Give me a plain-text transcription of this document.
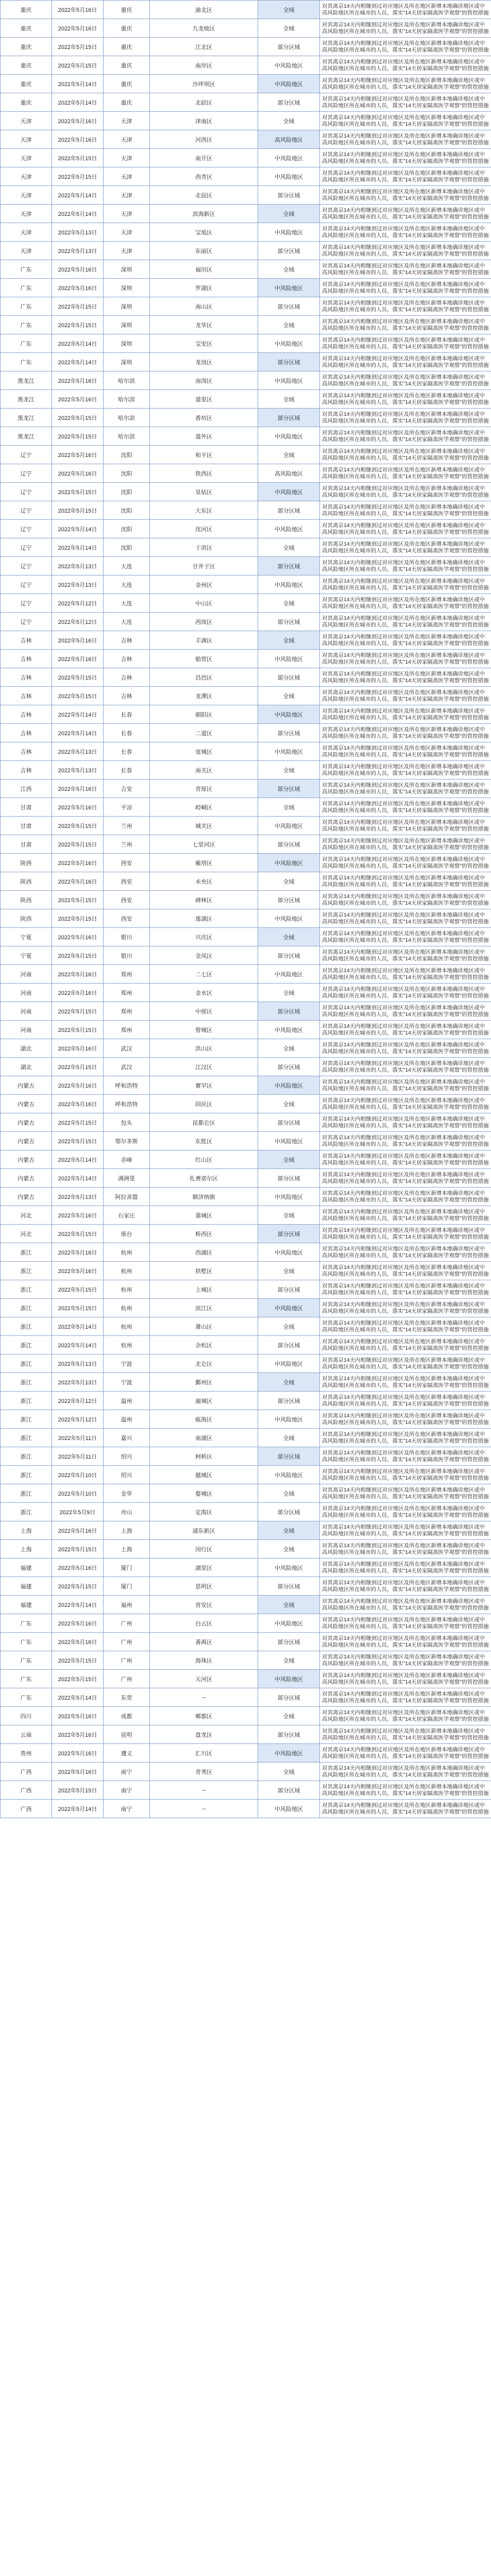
重庆	2022年5月16日	重庆	渝北区	全域	对其离京14天内相继到过对应地区及所在地区新增本地确诊地区或中高风险地区所在城市的人员，落实"14天居家隔离医学观察"的管控措施
重庆	2022年5月16日	重庆	九龙坡区	全域	对其离京14天内相继到过对应地区及所在地区新增本地确诊地区或中高风险地区所在城市的人员，落实"14天居家隔离医学观察"的管控措施
重庆	2022年5月15日	重庆	江北区	部分区域	对其离京14天内相继到过对应地区及所在地区新增本地确诊地区或中高风险地区所在城市的人员，落实"14天居家隔离医学观察"的管控措施
重庆	2022年5月15日	重庆	南岸区	中风险地区	对其离京14天内相继到过对应地区及所在地区新增本地确诊地区或中高风险地区所在城市的人员，落实"14天居家隔离医学观察"的管控措施
重庆	2022年5月14日	重庆	沙坪坝区	中风险地区	对其离京14天内相继到过对应地区及所在地区新增本地确诊地区或中高风险地区所在城市的人员，落实"14天居家隔离医学观察"的管控措施
重庆	2022年5月14日	重庆	北碚区	部分区域	对其离京14天内相继到过对应地区及所在地区新增本地确诊地区或中高风险地区所在城市的人员，落实"14天居家隔离医学观察"的管控措施
天津	2022年5月16日	天津	津南区	全域	对其离京14天内相继到过对应地区及所在地区新增本地确诊地区或中高风险地区所在城市的人员，落实"14天居家隔离医学观察"的管控措施
天津	2022年5月16日	天津	河西区	高风险地区	对其离京14天内相继到过对应地区及所在地区新增本地确诊地区或中高风险地区所在城市的人员，落实"14天居家隔离医学观察"的管控措施
天津	2022年5月15日	天津	南开区	中风险地区	对其离京14天内相继到过对应地区及所在地区新增本地确诊地区或中高风险地区所在城市的人员，落实"14天居家隔离医学观察"的管控措施
天津	2022年5月15日	天津	西青区	中风险地区	对其离京14天内相继到过对应地区及所在地区新增本地确诊地区或中高风险地区所在城市的人员，落实"14天居家隔离医学观察"的管控措施
天津	2022年5月14日	天津	北辰区	部分区域	对其离京14天内相继到过对应地区及所在地区新增本地确诊地区或中高风险地区所在城市的人员，落实"14天居家隔离医学观察"的管控措施
天津	2022年5月14日	天津	滨海新区	全域	对其离京14天内相继到过对应地区及所在地区新增本地确诊地区或中高风险地区所在城市的人员，落实"14天居家隔离医学观察"的管控措施
天津	2022年5月13日	天津	宝坻区	中风险地区	对其离京14天内相继到过对应地区及所在地区新增本地确诊地区或中高风险地区所在城市的人员，落实"14天居家隔离医学观察"的管控措施
天津	2022年5月13日	天津	东丽区	部分区域	对其离京14天内相继到过对应地区及所在地区新增本地确诊地区或中高风险地区所在城市的人员，落实"14天居家隔离医学观察"的管控措施
广东	2022年5月16日	深圳	福田区	全域	对其离京14天内相继到过对应地区及所在地区新增本地确诊地区或中高风险地区所在城市的人员，落实"14天居家隔离医学观察"的管控措施
广东	2022年5月16日	深圳	罗湖区	中风险地区	对其离京14天内相继到过对应地区及所在地区新增本地确诊地区或中高风险地区所在城市的人员，落实"14天居家隔离医学观察"的管控措施
广东	2022年5月15日	深圳	南山区	部分区域	对其离京14天内相继到过对应地区及所在地区新增本地确诊地区或中高风险地区所在城市的人员，落实"14天居家隔离医学观察"的管控措施
广东	2022年5月15日	深圳	龙华区	全域	对其离京14天内相继到过对应地区及所在地区新增本地确诊地区或中高风险地区所在城市的人员，落实"14天居家隔离医学观察"的管控措施
广东	2022年5月14日	深圳	宝安区	中风险地区	对其离京14天内相继到过对应地区及所在地区新增本地确诊地区或中高风险地区所在城市的人员，落实"14天居家隔离医学观察"的管控措施
广东	2022年5月14日	深圳	龙岗区	部分区域	对其离京14天内相继到过对应地区及所在地区新增本地确诊地区或中高风险地区所在城市的人员，落实"14天居家隔离医学观察"的管控措施
黑龙江	2022年5月16日	哈尔滨	南岗区	中风险地区	对其离京14天内相继到过对应地区及所在地区新增本地确诊地区或中高风险地区所在城市的人员，落实"14天居家隔离医学观察"的管控措施
黑龙江	2022年5月16日	哈尔滨	道里区	全域	对其离京14天内相继到过对应地区及所在地区新增本地确诊地区或中高风险地区所在城市的人员，落实"14天居家隔离医学观察"的管控措施
黑龙江	2022年5月15日	哈尔滨	香坊区	部分区域	对其离京14天内相继到过对应地区及所在地区新增本地确诊地区或中高风险地区所在城市的人员，落实"14天居家隔离医学观察"的管控措施
黑龙江	2022年5月15日	哈尔滨	道外区	中风险地区	对其离京14天内相继到过对应地区及所在地区新增本地确诊地区或中高风险地区所在城市的人员，落实"14天居家隔离医学观察"的管控措施
辽宁	2022年5月16日	沈阳	和平区	全域	对其离京14天内相继到过对应地区及所在地区新增本地确诊地区或中高风险地区所在城市的人员，落实"14天居家隔离医学观察"的管控措施
辽宁	2022年5月16日	沈阳	铁西区	高风险地区	对其离京14天内相继到过对应地区及所在地区新增本地确诊地区或中高风险地区所在城市的人员，落实"14天居家隔离医学观察"的管控措施
辽宁	2022年5月15日	沈阳	皇姑区	中风险地区	对其离京14天内相继到过对应地区及所在地区新增本地确诊地区或中高风险地区所在城市的人员，落实"14天居家隔离医学观察"的管控措施
辽宁	2022年5月15日	沈阳	大东区	部分区域	对其离京14天内相继到过对应地区及所在地区新增本地确诊地区或中高风险地区所在城市的人员，落实"14天居家隔离医学观察"的管控措施
辽宁	2022年5月14日	沈阳	沈河区	中风险地区	对其离京14天内相继到过对应地区及所在地区新增本地确诊地区或中高风险地区所在城市的人员，落实"14天居家隔离医学观察"的管控措施
辽宁	2022年5月14日	沈阳	于洪区	全域	对其离京14天内相继到过对应地区及所在地区新增本地确诊地区或中高风险地区所在城市的人员，落实"14天居家隔离医学观察"的管控措施
辽宁	2022年5月13日	大连	甘井子区	部分区域	对其离京14天内相继到过对应地区及所在地区新增本地确诊地区或中高风险地区所在城市的人员，落实"14天居家隔离医学观察"的管控措施
辽宁	2022年5月13日	大连	金州区	中风险地区	对其离京14天内相继到过对应地区及所在地区新增本地确诊地区或中高风险地区所在城市的人员，落实"14天居家隔离医学观察"的管控措施
辽宁	2022年5月12日	大连	中山区	全域	对其离京14天内相继到过对应地区及所在地区新增本地确诊地区或中高风险地区所在城市的人员，落实"14天居家隔离医学观察"的管控措施
辽宁	2022年5月12日	大连	西岗区	部分区域	对其离京14天内相继到过对应地区及所在地区新增本地确诊地区或中高风险地区所在城市的人员，落实"14天居家隔离医学观察"的管控措施
吉林	2022年5月16日	吉林	丰满区	全域	对其离京14天内相继到过对应地区及所在地区新增本地确诊地区或中高风险地区所在城市的人员，落实"14天居家隔离医学观察"的管控措施
吉林	2022年5月16日	吉林	船营区	中风险地区	对其离京14天内相继到过对应地区及所在地区新增本地确诊地区或中高风险地区所在城市的人员，落实"14天居家隔离医学观察"的管控措施
吉林	2022年5月15日	吉林	昌邑区	部分区域	对其离京14天内相继到过对应地区及所在地区新增本地确诊地区或中高风险地区所在城市的人员，落实"14天居家隔离医学观察"的管控措施
吉林	2022年5月15日	吉林	龙潭区	全域	对其离京14天内相继到过对应地区及所在地区新增本地确诊地区或中高风险地区所在城市的人员，落实"14天居家隔离医学观察"的管控措施
吉林	2022年5月14日	长春	朝阳区	中风险地区	对其离京14天内相继到过对应地区及所在地区新增本地确诊地区或中高风险地区所在城市的人员，落实"14天居家隔离医学观察"的管控措施
吉林	2022年5月14日	长春	二道区	部分区域	对其离京14天内相继到过对应地区及所在地区新增本地确诊地区或中高风险地区所在城市的人员，落实"14天居家隔离医学观察"的管控措施
吉林	2022年5月13日	长春	宽城区	中风险地区	对其离京14天内相继到过对应地区及所在地区新增本地确诊地区或中高风险地区所在城市的人员，落实"14天居家隔离医学观察"的管控措施
吉林	2022年5月13日	长春	南关区	全域	对其离京14天内相继到过对应地区及所在地区新增本地确诊地区或中高风险地区所在城市的人员，落实"14天居家隔离医学观察"的管控措施
江西	2022年5月16日	吉安	青原区	部分区域	对其离京14天内相继到过对应地区及所在地区新增本地确诊地区或中高风险地区所在城市的人员，落实"14天居家隔离医学观察"的管控措施
甘肃	2022年5月16日	平凉	崆峒区	全域	对其离京14天内相继到过对应地区及所在地区新增本地确诊地区或中高风险地区所在城市的人员，落实"14天居家隔离医学观察"的管控措施
甘肃	2022年5月15日	兰州	城关区	中风险地区	对其离京14天内相继到过对应地区及所在地区新增本地确诊地区或中高风险地区所在城市的人员，落实"14天居家隔离医学观察"的管控措施
甘肃	2022年5月15日	兰州	七里河区	部分区域	对其离京14天内相继到过对应地区及所在地区新增本地确诊地区或中高风险地区所在城市的人员，落实"14天居家隔离医学观察"的管控措施
陕西	2022年5月16日	西安	雁塔区	中风险地区	对其离京14天内相继到过对应地区及所在地区新增本地确诊地区或中高风险地区所在城市的人员，落实"14天居家隔离医学观察"的管控措施
陕西	2022年5月16日	西安	未央区	全域	对其离京14天内相继到过对应地区及所在地区新增本地确诊地区或中高风险地区所在城市的人员，落实"14天居家隔离医学观察"的管控措施
陕西	2022年5月15日	西安	碑林区	部分区域	对其离京14天内相继到过对应地区及所在地区新增本地确诊地区或中高风险地区所在城市的人员，落实"14天居家隔离医学观察"的管控措施
陕西	2022年5月15日	西安	莲湖区	中风险地区	对其离京14天内相继到过对应地区及所在地区新增本地确诊地区或中高风险地区所在城市的人员，落实"14天居家隔离医学观察"的管控措施
宁夏	2022年5月16日	银川	兴庆区	全域	对其离京14天内相继到过对应地区及所在地区新增本地确诊地区或中高风险地区所在城市的人员，落实"14天居家隔离医学观察"的管控措施
宁夏	2022年5月15日	银川	金凤区	部分区域	对其离京14天内相继到过对应地区及所在地区新增本地确诊地区或中高风险地区所在城市的人员，落实"14天居家隔离医学观察"的管控措施
河南	2022年5月16日	郑州	二七区	中风险地区	对其离京14天内相继到过对应地区及所在地区新增本地确诊地区或中高风险地区所在城市的人员，落实"14天居家隔离医学观察"的管控措施
河南	2022年5月16日	郑州	金水区	全域	对其离京14天内相继到过对应地区及所在地区新增本地确诊地区或中高风险地区所在城市的人员，落实"14天居家隔离医学观察"的管控措施
河南	2022年5月15日	郑州	中原区	部分区域	对其离京14天内相继到过对应地区及所在地区新增本地确诊地区或中高风险地区所在城市的人员，落实"14天居家隔离医学观察"的管控措施
河南	2022年5月15日	郑州	管城区	中风险地区	对其离京14天内相继到过对应地区及所在地区新增本地确诊地区或中高风险地区所在城市的人员，落实"14天居家隔离医学观察"的管控措施
湖北	2022年5月16日	武汉	洪山区	全域	对其离京14天内相继到过对应地区及所在地区新增本地确诊地区或中高风险地区所在城市的人员，落实"14天居家隔离医学观察"的管控措施
湖北	2022年5月15日	武汉	江汉区	部分区域	对其离京14天内相继到过对应地区及所在地区新增本地确诊地区或中高风险地区所在城市的人员，落实"14天居家隔离医学观察"的管控措施
内蒙古	2022年5月16日	呼和浩特	赛罕区	中风险地区	对其离京14天内相继到过对应地区及所在地区新增本地确诊地区或中高风险地区所在城市的人员，落实"14天居家隔离医学观察"的管控措施
内蒙古	2022年5月16日	呼和浩特	回民区	全域	对其离京14天内相继到过对应地区及所在地区新增本地确诊地区或中高风险地区所在城市的人员，落实"14天居家隔离医学观察"的管控措施
内蒙古	2022年5月15日	包头	昆都仑区	部分区域	对其离京14天内相继到过对应地区及所在地区新增本地确诊地区或中高风险地区所在城市的人员，落实"14天居家隔离医学观察"的管控措施
内蒙古	2022年5月15日	鄂尔多斯	东胜区	中风险地区	对其离京14天内相继到过对应地区及所在地区新增本地确诊地区或中高风险地区所在城市的人员，落实"14天居家隔离医学观察"的管控措施
内蒙古	2022年5月14日	赤峰	红山区	全域	对其离京14天内相继到过对应地区及所在地区新增本地确诊地区或中高风险地区所在城市的人员，落实"14天居家隔离医学观察"的管控措施
内蒙古	2022年5月14日	满洲里	扎赉诺尔区	部分区域	对其离京14天内相继到过对应地区及所在地区新增本地确诊地区或中高风险地区所在城市的人员，落实"14天居家隔离医学观察"的管控措施
内蒙古	2022年5月13日	阿拉善盟	额济纳旗	中风险地区	对其离京14天内相继到过对应地区及所在地区新增本地确诊地区或中高风险地区所在城市的人员，落实"14天居家隔离医学观察"的管控措施
河北	2022年5月16日	石家庄	藁城区	全域	对其离京14天内相继到过对应地区及所在地区新增本地确诊地区或中高风险地区所在城市的人员，落实"14天居家隔离医学观察"的管控措施
河北	2022年5月15日	邢台	桥西区	部分区域	对其离京14天内相继到过对应地区及所在地区新增本地确诊地区或中高风险地区所在城市的人员，落实"14天居家隔离医学观察"的管控措施
浙江	2022年5月16日	杭州	西湖区	中风险地区	对其离京14天内相继到过对应地区及所在地区新增本地确诊地区或中高风险地区所在城市的人员，落实"14天居家隔离医学观察"的管控措施
浙江	2022年5月16日	杭州	拱墅区	全域	对其离京14天内相继到过对应地区及所在地区新增本地确诊地区或中高风险地区所在城市的人员，落实"14天居家隔离医学观察"的管控措施
浙江	2022年5月15日	杭州	上城区	部分区域	对其离京14天内相继到过对应地区及所在地区新增本地确诊地区或中高风险地区所在城市的人员，落实"14天居家隔离医学观察"的管控措施
浙江	2022年5月15日	杭州	滨江区	中风险地区	对其离京14天内相继到过对应地区及所在地区新增本地确诊地区或中高风险地区所在城市的人员，落实"14天居家隔离医学观察"的管控措施
浙江	2022年5月14日	杭州	萧山区	全域	对其离京14天内相继到过对应地区及所在地区新增本地确诊地区或中高风险地区所在城市的人员，落实"14天居家隔离医学观察"的管控措施
浙江	2022年5月14日	杭州	余杭区	部分区域	对其离京14天内相继到过对应地区及所在地区新增本地确诊地区或中高风险地区所在城市的人员，落实"14天居家隔离医学观察"的管控措施
浙江	2022年5月13日	宁波	北仑区	中风险地区	对其离京14天内相继到过对应地区及所在地区新增本地确诊地区或中高风险地区所在城市的人员，落实"14天居家隔离医学观察"的管控措施
浙江	2022年5月13日	宁波	鄞州区	全域	对其离京14天内相继到过对应地区及所在地区新增本地确诊地区或中高风险地区所在城市的人员，落实"14天居家隔离医学观察"的管控措施
浙江	2022年5月12日	温州	鹿城区	部分区域	对其离京14天内相继到过对应地区及所在地区新增本地确诊地区或中高风险地区所在城市的人员，落实"14天居家隔离医学观察"的管控措施
浙江	2022年5月12日	温州	瓯海区	中风险地区	对其离京14天内相继到过对应地区及所在地区新增本地确诊地区或中高风险地区所在城市的人员，落实"14天居家隔离医学观察"的管控措施
浙江	2022年5月11日	嘉兴	南湖区	全域	对其离京14天内相继到过对应地区及所在地区新增本地确诊地区或中高风险地区所在城市的人员，落实"14天居家隔离医学观察"的管控措施
浙江	2022年5月11日	绍兴	柯桥区	部分区域	对其离京14天内相继到过对应地区及所在地区新增本地确诊地区或中高风险地区所在城市的人员，落实"14天居家隔离医学观察"的管控措施
浙江	2022年5月10日	绍兴	越城区	中风险地区	对其离京14天内相继到过对应地区及所在地区新增本地确诊地区或中高风险地区所在城市的人员，落实"14天居家隔离医学观察"的管控措施
浙江	2022年5月10日	金华	婺城区	全域	对其离京14天内相继到过对应地区及所在地区新增本地确诊地区或中高风险地区所在城市的人员，落实"14天居家隔离医学观察"的管控措施
浙江	2022年5月9日	舟山	定海区	部分区域	对其离京14天内相继到过对应地区及所在地区新增本地确诊地区或中高风险地区所在城市的人员，落实"14天居家隔离医学观察"的管控措施
上海	2022年5月16日	上海	浦东新区	全域	对其离京14天内相继到过对应地区及所在地区新增本地确诊地区或中高风险地区所在城市的人员，落实"14天居家隔离医学观察"的管控措施
上海	2022年5月15日	上海	闵行区	全域	对其离京14天内相继到过对应地区及所在地区新增本地确诊地区或中高风险地区所在城市的人员，落实"14天居家隔离医学观察"的管控措施
福建	2022年5月16日	厦门	湖里区	中风险地区	对其离京14天内相继到过对应地区及所在地区新增本地确诊地区或中高风险地区所在城市的人员，落实"14天居家隔离医学观察"的管控措施
福建	2022年5月15日	厦门	思明区	部分区域	对其离京14天内相继到过对应地区及所在地区新增本地确诊地区或中高风险地区所在城市的人员，落实"14天居家隔离医学观察"的管控措施
福建	2022年5月14日	福州	晋安区	全域	对其离京14天内相继到过对应地区及所在地区新增本地确诊地区或中高风险地区所在城市的人员，落实"14天居家隔离医学观察"的管控措施
广东	2022年5月16日	广州	白云区	中风险地区	对其离京14天内相继到过对应地区及所在地区新增本地确诊地区或中高风险地区所在城市的人员，落实"14天居家隔离医学观察"的管控措施
广东	2022年5月16日	广州	番禺区	部分区域	对其离京14天内相继到过对应地区及所在地区新增本地确诊地区或中高风险地区所在城市的人员，落实"14天居家隔离医学观察"的管控措施
广东	2022年5月15日	广州	海珠区	全域	对其离京14天内相继到过对应地区及所在地区新增本地确诊地区或中高风险地区所在城市的人员，落实"14天居家隔离医学观察"的管控措施
广东	2022年5月15日	广州	天河区	中风险地区	对其离京14天内相继到过对应地区及所在地区新增本地确诊地区或中高风险地区所在城市的人员，落实"14天居家隔离医学观察"的管控措施
广东	2022年5月14日	东莞	--	部分区域	对其离京14天内相继到过对应地区及所在地区新增本地确诊地区或中高风险地区所在城市的人员，落实"14天居家隔离医学观察"的管控措施
四川	2022年5月16日	成都	郫都区	全域	对其离京14天内相继到过对应地区及所在地区新增本地确诊地区或中高风险地区所在城市的人员，落实"14天居家隔离医学观察"的管控措施
云南	2022年5月16日	昆明	盘龙区	部分区域	对其离京14天内相继到过对应地区及所在地区新增本地确诊地区或中高风险地区所在城市的人员，落实"14天居家隔离医学观察"的管控措施
贵州	2022年5月16日	遵义	汇川区	中风险地区	对其离京14天内相继到过对应地区及所在地区新增本地确诊地区或中高风险地区所在城市的人员，落实"14天居家隔离医学观察"的管控措施
广西	2022年5月16日	南宁	青秀区	全域	对其离京14天内相继到过对应地区及所在地区新增本地确诊地区或中高风险地区所在城市的人员，落实"14天居家隔离医学观察"的管控措施
广西	2022年5月15日	南宁	--	部分区域	对其离京14天内相继到过对应地区及所在地区新增本地确诊地区或中高风险地区所在城市的人员，落实"14天居家隔离医学观察"的管控措施
广西	2022年5月14日	南宁	--	中风险地区	对其离京14天内相继到过对应地区及所在地区新增本地确诊地区或中高风险地区所在城市的人员，落实"14天居家隔离医学观察"的管控措施
